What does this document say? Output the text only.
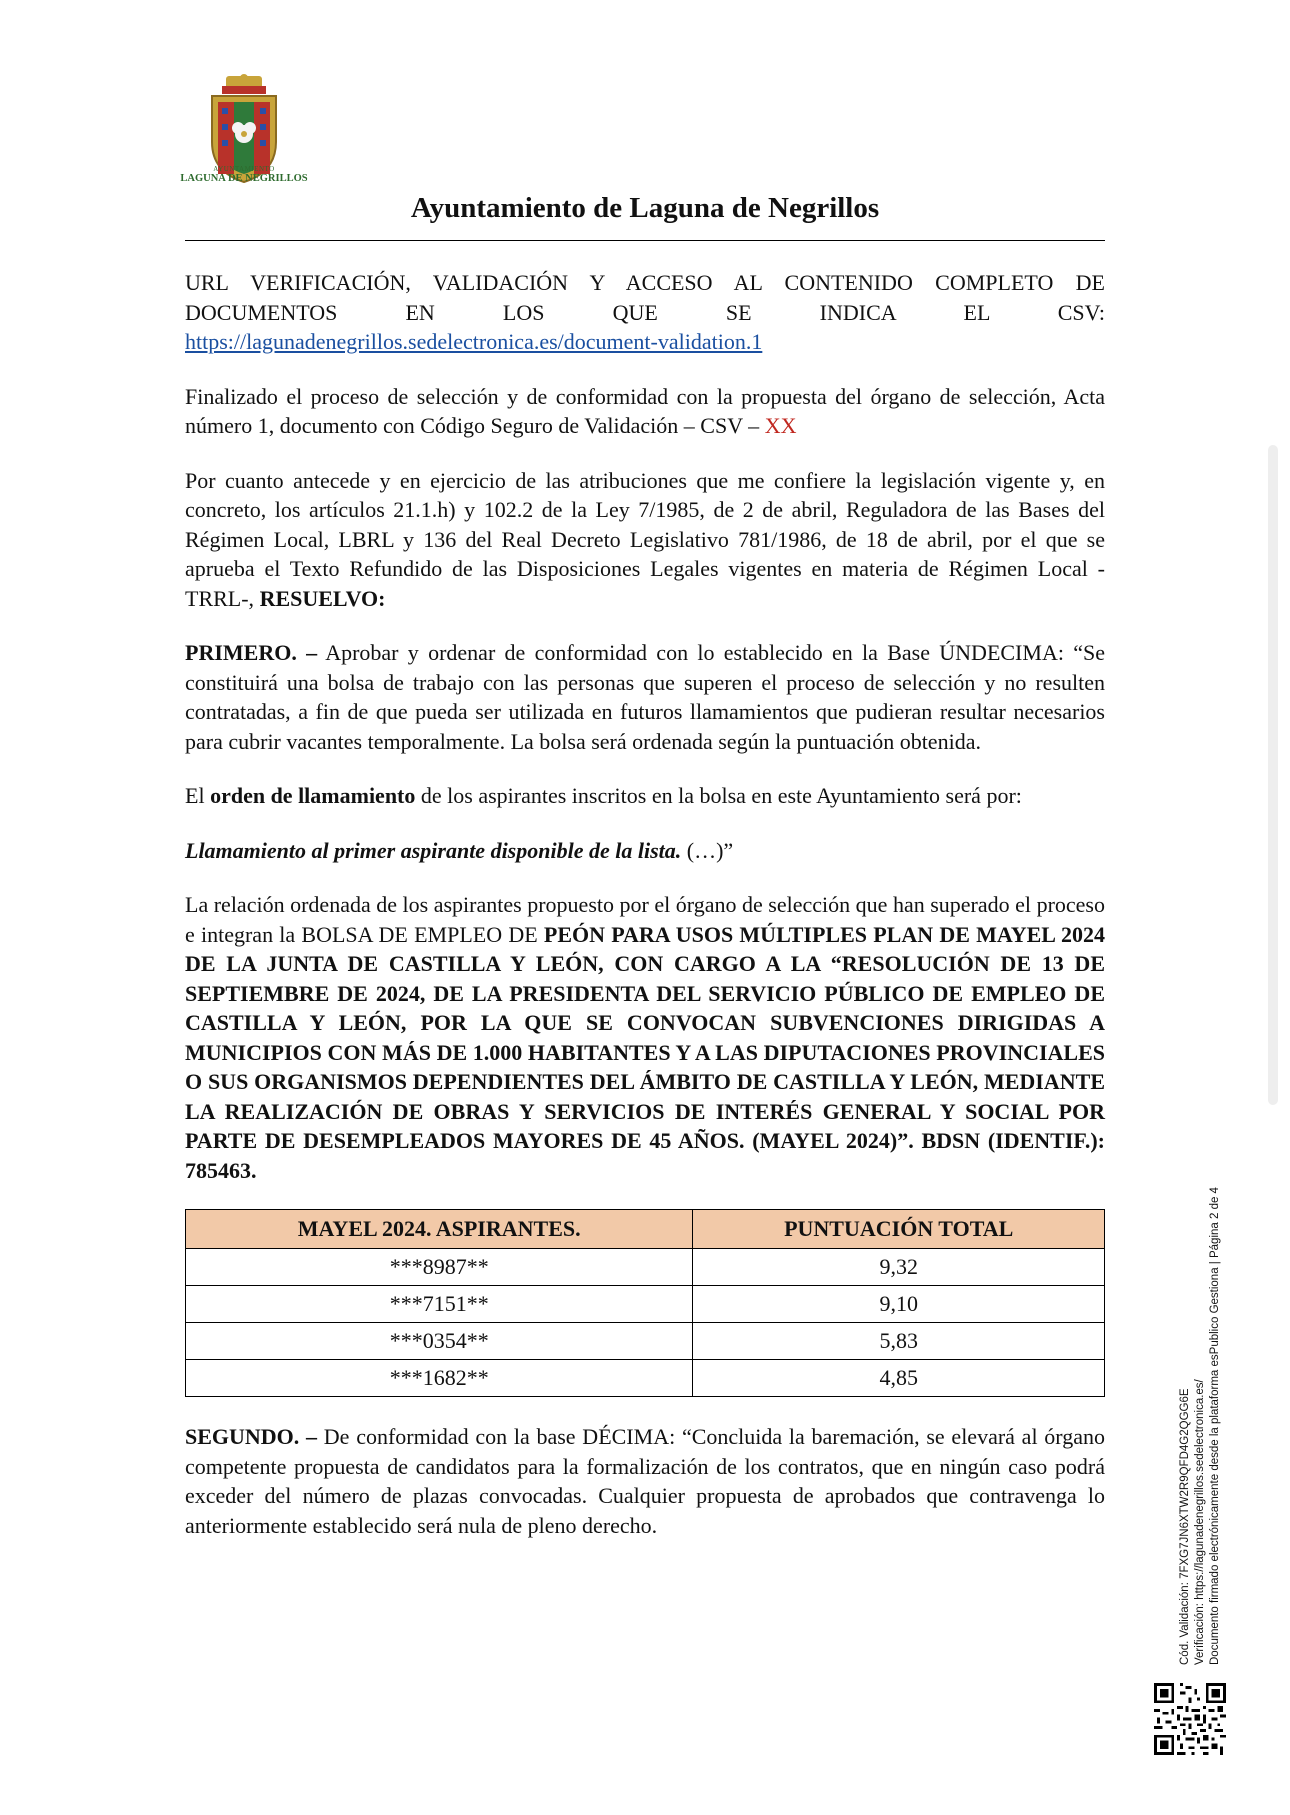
AYUNTAMIENTO
LAGUNA DE NEGRILLOS
Ayuntamiento de Laguna de Negrillos

URL VERIFICACIÓN, VALIDACIÓN Y ACCESO AL CONTENIDO COMPLETO DE
DOCUMENTOS EN LOS QUE SE INDICA EL CSV:
https://lagunadenegrillos.sedelectronica.es/document-validation.1

Finalizado el proceso de selección y de conformidad con la propuesta del órgano de selección, Acta número 1, documento con Código Seguro de Validación – CSV – XX

Por cuanto antecede y en ejercicio de las atribuciones que me confiere la legislación vigente y, en concreto, los artículos 21.1.h) y 102.2 de la Ley 7/1985, de 2 de abril, Reguladora de las Bases del Régimen Local, LBRL y 136 del Real Decreto Legislativo 781/1986, de 18 de abril, por el que se aprueba el Texto Refundido de las Disposiciones Legales vigentes en materia de Régimen Local -TRRL-, RESUELVO:

PRIMERO. – Aprobar y ordenar de conformidad con lo establecido en la Base ÚNDECIMA: “Se constituirá una bolsa de trabajo con las personas que superen el proceso de selección y no resulten contratadas, a fin de que pueda ser utilizada en futuros llamamientos que pudieran resultar necesarios para cubrir vacantes temporalmente. La bolsa será ordenada según la puntuación obtenida.

El orden de llamamiento de los aspirantes inscritos en la bolsa en este Ayuntamiento será por:

Llamamiento al primer aspirante disponible de la lista. (…)”

La relación ordenada de los aspirantes propuesto por el órgano de selección que han superado el proceso e integran la BOLSA DE EMPLEO DE PEÓN PARA USOS MÚLTIPLES PLAN DE MAYEL 2024 DE LA JUNTA DE CASTILLA Y LEÓN, CON CARGO A LA “RESOLUCIÓN DE 13 DE SEPTIEMBRE DE 2024, DE LA PRESIDENTA DEL SERVICIO PÚBLICO DE EMPLEO DE CASTILLA Y LEÓN, POR LA QUE SE CONVOCAN SUBVENCIONES DIRIGIDAS A MUNICIPIOS CON MÁS DE 1.000 HABITANTES Y A LAS DIPUTACIONES PROVINCIALES O SUS ORGANISMOS DEPENDIENTES DEL ÁMBITO DE CASTILLA Y LEÓN, MEDIANTE LA REALIZACIÓN DE OBRAS Y SERVICIOS DE INTERÉS GENERAL Y SOCIAL POR PARTE DE DESEMPLEADOS MAYORES DE 45 AÑOS. (MAYEL 2024)”. BDSN (IDENTIF.): 785463.

MAYEL 2024. ASPIRANTES.	PUNTUACIÓN TOTAL
***8987**	9,32
***7151**	9,10
***0354**	5,83
***1682**	4,85

SEGUNDO. – De conformidad con la base DÉCIMA: “Concluida la baremación, se elevará al órgano competente propuesta de candidatos para la formalización de los contratos, que en ningún caso podrá exceder del número de plazas convocadas. Cualquier propuesta de aprobados que contravenga lo anteriormente establecido será nula de pleno derecho.	Cód. Validación: 7FXG7JN6XTW2R9QFD4G2QGG6E Verificación: https://lagunadenegrillos.sedelectronica.es/ Documento firmado electrónicamente desde la plataforma esPublico Gestiona | Página 2 de 4
